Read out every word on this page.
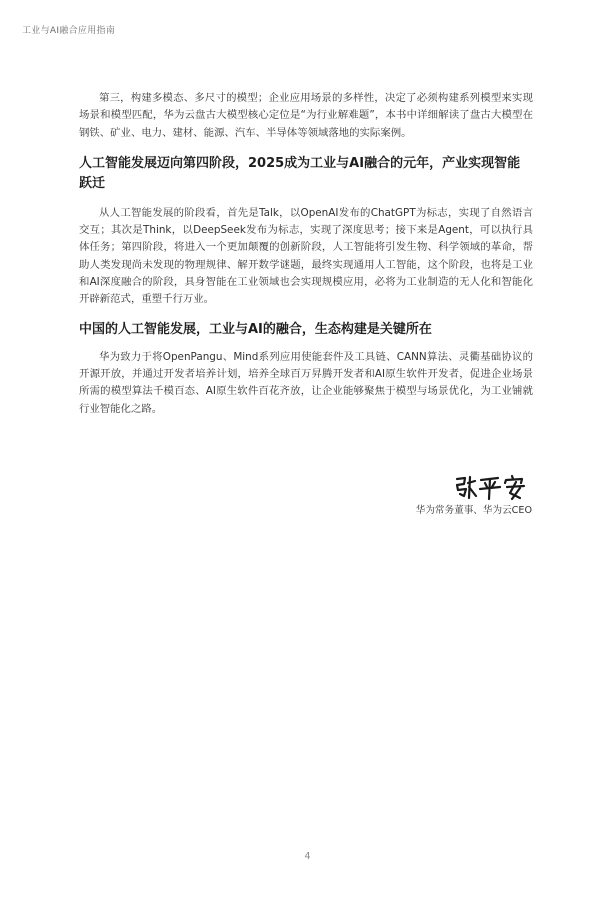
工业与AI融合应用指南

第三，构建多模态、多尺寸的模型；企业应用场景的多样性，决定了必须构建系列模型来实现场景和模型匹配，华为云盘古大模型核心定位是“为行业解难题”，本书中详细解读了盘古大模型在钢铁、矿业、电力、建材、能源、汽车、半导体等领域落地的实际案例。

人工智能发展迈向第四阶段，2025成为工业与AI融合的元年，产业实现智能跃迁

从人工智能发展的阶段看，首先是Talk，以OpenAI发布的ChatGPT为标志，实现了自然语言交互；其次是Think，以DeepSeek发布为标志，实现了深度思考；接下来是Agent，可以执行具体任务；第四阶段，将进入一个更加颠覆的创新阶段，人工智能将引发生物、科学领域的革命，帮助人类发现尚未发现的物理规律、解开数学谜题，最终实现通用人工智能，这个阶段，也将是工业和AI深度融合的阶段，具身智能在工业领域也会实现规模应用，必将为工业制造的无人化和智能化开辟新范式，重塑千行万业。

中国的人工智能发展，工业与AI的融合，生态构建是关键所在

华为致力于将OpenPangu、Mind系列应用使能套件及工具链、CANN算法、灵衢基础协议的开源开放，并通过开发者培养计划，培养全球百万昇腾开发者和AI原生软件开发者，促进企业场景所需的模型算法千模百态、AI原生软件百花齐放，让企业能够聚焦于模型与场景优化，为工业铺就行业智能化之路。

华为常务董事、华为云CEO
4
